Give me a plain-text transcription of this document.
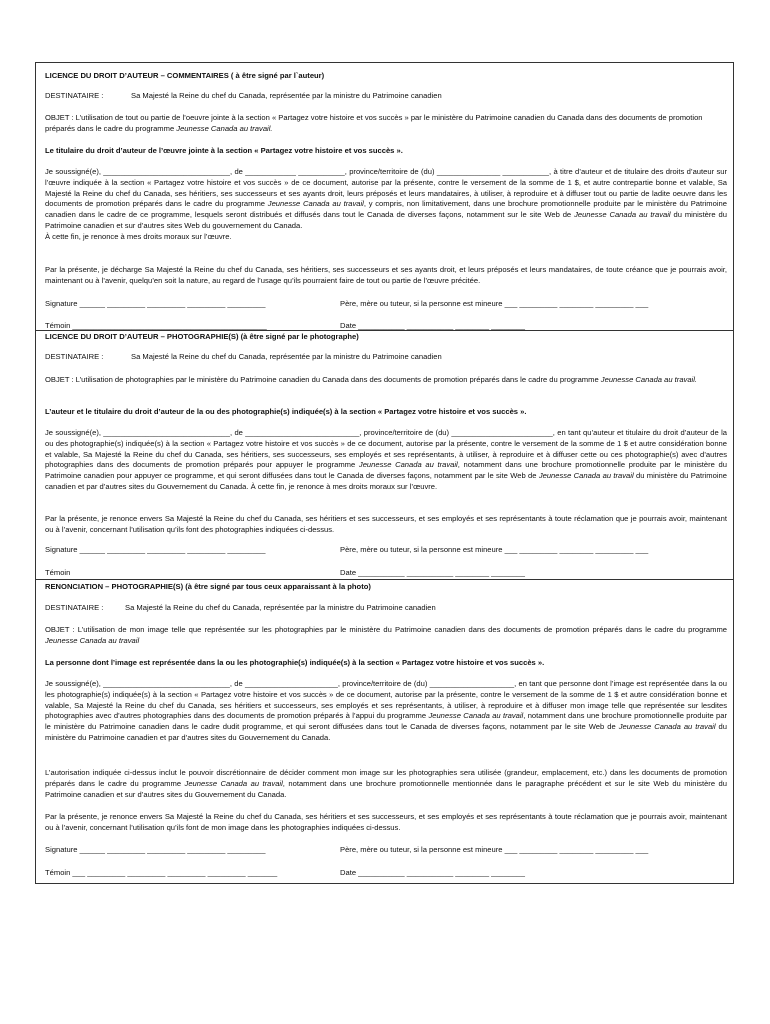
LICENCE DU DROIT D’AUTEUR – COMMENTAIRES ( à être signé par l`auteur)

DESTINATAIRE :	Sa Majesté la Reine du chef du Canada, représentée par la ministre du Patrimoine canadien

OBJET : L’utilisation de tout ou partie de l’oeuvre jointe à la section « Partagez votre histoire et vos succès » par le ministère du Patrimoine canadien du Canada dans des documents de promotion préparés dans le cadre du programme Jeunesse Canada au travail.

Le titulaire du droit d’auteur de l’œuvre jointe à la section « Partagez votre histoire et vos succès ».

Je soussigné(e), ______________________________, de ____________ ___________, province/territoire de (du) _______________ ___________, à titre d’auteur et de titulaire des droits d’auteur sur l’œuvre indiquée à la section « Partagez votre histoire et vos succès » de ce document, autorise par la présente, contre le versement de la somme de 1 $, et autre contrepartie bonne et valable, Sa Majesté la Reine du chef du Canada, ses héritiers, ses successeurs et ses ayants droit, leurs préposés et leurs mandataires, à utiliser, à reproduire et à diffuser tout ou partie de ladite oeuvre dans les documents de promotion préparés dans le cadre du programme Jeunesse Canada au travail, y compris, non limitativement, dans une brochure promotionnelle produite par le ministère du Patrimoine canadien dans le cadre de ce programme, lesquels seront distribués et diffusés dans tout le Canada de diverses façons, notamment sur le site Web de Jeunesse Canada au travail du ministère du Patrimoine canadien et sur d’autres sites Web du gouvernement du Canada.
À cette fin, je renonce à mes droits moraux sur l’œuvre.

Par la présente, je décharge Sa Majesté la Reine du chef du Canada, ses héritiers, ses successeurs et ses ayants droit, et leurs préposés et leurs mandataires, de toute créance que je pourrais avoir, maintenant ou à l’avenir, quelqu’en soit la nature, au regard de l’usage qu’ils pourraient faire de tout ou partie de l’œuvre précitée.

Signature ______ _________ _________ _________ _________	Père, mère ou tuteur, si la personne est mineure ___ _________ ________ _________ ___

Témoin ______________________________________________	Date ___________ ___________ ________ ________

LICENCE DU DROIT D’AUTEUR – PHOTOGRAPHIE(S) (à être signé par le photographe)

DESTINATAIRE :	Sa Majesté la Reine du chef du Canada, représentée par la ministre du Patrimoine canadien

OBJET : L’utilisation de photographies par le ministère du Patrimoine canadien du Canada dans des documents de promotion préparés dans le cadre du programme Jeunesse Canada au travail.

L’auteur et le titulaire du droit d’auteur de la ou des photographie(s) indiquée(s) à la section « Partagez votre histoire et vos succès ».

Je soussigné(e), ______________________________, de ___________________________, province/territoire de (du) ________________________, en tant qu’auteur et titulaire du droit d’auteur de la ou des photographie(s) indiquée(s) à la section « Partagez votre histoire et vos succès » de ce document, autorise par la présente, contre le versement de la somme de 1 $ et autre considération bonne et valable, Sa Majesté la Reine du chef du Canada, ses héritiers, ses successeurs, ses employés et ses représentants, à utiliser, à reproduire et à diffuser cette ou ces photographie(s) avec d’autres photographies dans des documents de promotion préparés pour appuyer le programme Jeunesse Canada au travail, notamment dans une brochure promotionnelle produite par le ministère du Patrimoine canadien pour appuyer ce programme, et qui seront diffusées dans tout le Canada de diverses façons, notamment par le site Web de Jeunesse Canada au travail du ministère du Patrimoine canadien et par d’autres sites du Gouvernement du Canada. À cette fin, je renonce à mes droits moraux sur l’œuvre.

Par la présente, je renonce envers Sa Majesté la Reine du chef du Canada, ses héritiers et ses successeurs, et ses employés et ses représentants à toute réclamation que je pourrais avoir, maintenant ou à l’avenir, concernant l’utilisation qu’ils font des photographies indiquées ci-dessus.

Signature ______ _________ _________ _________ _________	Père, mère ou tuteur, si la personne est mineure ___ _________ ________ _________ ___

Témoin	Date ___________ ___________ ________ ________

RENONCIATION – PHOTOGRAPHIE(S) (à être signé par tous ceux apparaissant à la photo)

DESTINATAIRE :	Sa Majesté la Reine du chef du Canada, représentée par la ministre du Patrimoine canadien

OBJET : L’utilisation de mon image telle que représentée sur les photographies par le ministère du Patrimoine canadien dans des documents de promotion préparés dans le cadre du programme Jeunesse Canada au travail

La personne dont l’image est représentée dans la ou les photographie(s) indiquée(s) à la section « Partagez votre histoire et vos succès ».

Je soussigné(e), ______________________________, de ______________________, province/territoire de (du) ____________________, en tant que personne dont l’image est représentée dans la ou les photographie(s) indiquée(s) à la section « Partagez votre histoire et vos succès » de ce document, autorise par la présente, contre le versement de la somme de 1 $ et autre considération bonne et valable, Sa Majesté la Reine du chef du Canada, ses héritiers et successeurs, ses employés et ses représentants, à utiliser, à reproduire et à diffuser mon image telle que représentée sur lesdites photographies avec d’autres photographies dans des documents de promotion préparés à l’appui du programme Jeunesse Canada au travail, notamment dans une brochure promotionnelle produite par le ministère du Patrimoine canadien dans le cadre dudit programme, et qui seront diffusées dans tout le Canada de diverses façons, notamment par le site Web de Jeunesse Canada au travail du ministère du Patrimoine canadien et par d’autres sites du Gouvernement du Canada.

L’autorisation indiquée ci-dessus inclut le pouvoir discrétionnaire de décider comment mon image sur les photographies sera utilisée (grandeur, emplacement, etc.) dans les documents de promotion préparés dans le cadre du programme Jeunesse Canada au travail, notamment dans une brochure promotionnelle mentionnée dans le paragraphe précédent et sur le site Web du ministère du Patrimoine canadien et sur d’autres sites du Gouvernement du Canada.

Par la présente, je renonce envers Sa Majesté la Reine du chef du Canada, ses héritiers et ses successeurs, et ses employés et ses représentants à toute réclamation que je pourrais avoir, maintenant ou à l’avenir, concernant l’utilisation qu’ils font de mon image dans les photographies indiquées ci-dessus.

Signature ______ _________ _________ _________ _________	Père, mère ou tuteur, si la personne est mineure ___ _________ ________ _________ ___

Témoin ___ _________ _________ _________ _________ _______	Date ___________ ___________ ________ ________
